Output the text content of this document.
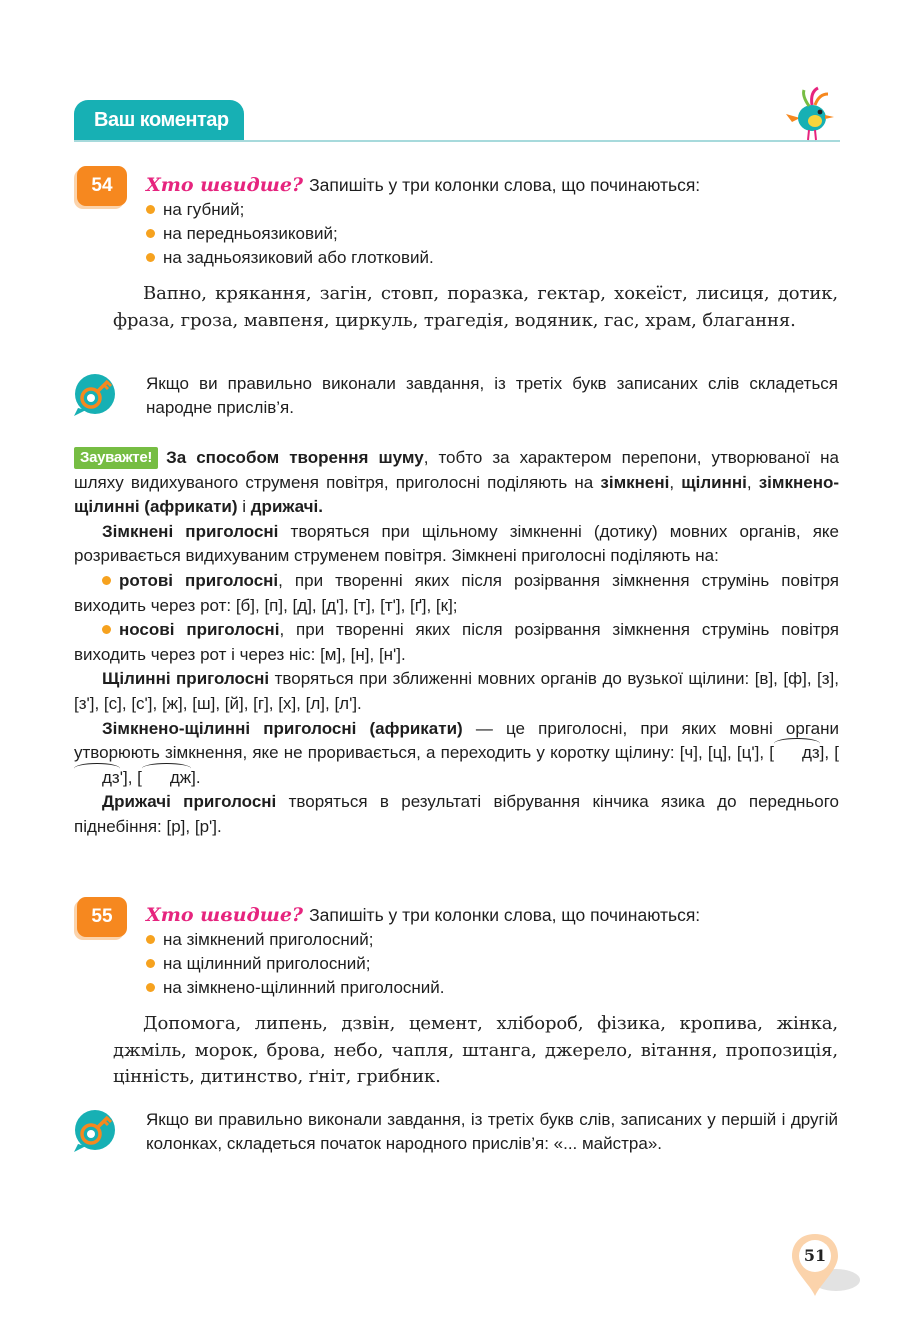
Ваш коментар
54	Хто швидше? Запишіть у три колонки слова, що починаються:
на губний;
на передньоязиковий;
на задньоязиковий або глотковий.
Вапно, крякання, загін, стовп, поразка, гектар, хокеїст, лисиця, дотик, фраза, гроза, мавпеня, циркуль, трагедія, водяник, гас, храм, благання.
Якщо ви правильно виконали завдання, із третіх букв записаних слів складеться народне прислів’я.

Зауважте! За способом творення шуму, тобто за характером перепони, утворюваної на шляху видихуваного струменя повітря, приголосні поділяють на зімкнені, щілинні, зімкнено-щілинні (африкати) і дрижачі.

Зімкнені приголосні творяться при щільному зімкненні (дотику) мовних органів, яке розривається видихуваним струменем повітря. Зімкнені приголосні поділяють на:

ротові приголосні, при творенні яких після розірвання зімкнення струмінь повітря виходить через рот: [б], [п], [д], [д'], [т], [т'], [ґ], [к];

носові приголосні, при творенні яких після розірвання зімкнення струмінь повітря виходить через рот і через ніс: [м], [н], [н'].

Щілинні приголосні творяться при зближенні мовних органів до вузької щілини: [в], [ф], [з], [з'], [с], [с'], [ж], [ш], [й], [г], [х], [л], [л'].

Зімкнено-щілинні приголосні (африкати) — це приголосні, при яких мовні органи утворюють зімкнення, яке не проривається, а переходить у коротку щілину: [ч], [ц], [ц'], [ дз], [дз'], [ дж].

Дрижачі приголосні творяться в результаті вібрування кінчика язика до переднього піднебіння: [р], [р'].

55	Хто швидше? Запишіть у три колонки слова, що починаються:
на зімкнений приголосний;
на щілинний приголосний;
на зімкнено-щілинний приголосний.
Допомога, липень, дзвін, цемент, хлібороб, фізика, кропива, жінка, джміль, морок, брова, небо, чапля, штанга, джерело, вітання, пропозиція, цінність, дитинство, ґніт, грибник.
Якщо ви правильно виконали завдання, із третіх букв слів, записаних у першій і другій колонках, складеться початок народного прислів’я: «... майстра».
51
